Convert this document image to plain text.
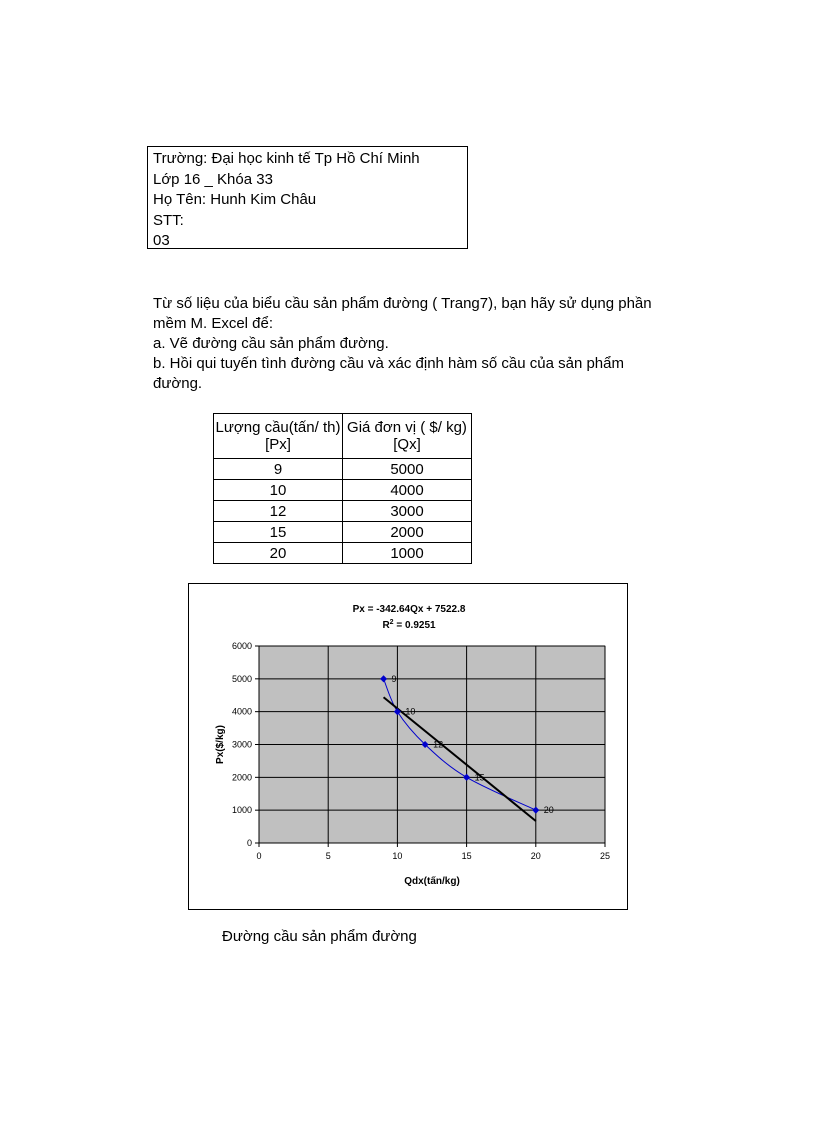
Trường: Đại học kinh tế Tp Hồ Chí Minh
Lớp 16 _ Khóa 33
Họ Tên: Hunh Kim Châu
STT:
03

Từ số liệu của biểu cầu sản phẩm đường ( Trang7), bạn hãy sử dụng phần mềm M. Excel để:

a. Vẽ đường cầu sản phẩm đường.

b. Hồi qui tuyến tình đường cầu và xác định hàm số cầu của sản phẩm đường.

Lượng cầu(tấn/ th) [Px]	Giá đơn vị ( $/ kg) [Qx]
9	5000
10	4000
12	3000
15	2000
20	1000
Px = -342.64Qx + 7522.8
$R^2 = 0.9251$
0
1000
2000
3000
4000
5000
6000
0	5	10	15	20	25
9
10
12
15
20
Qdx(tấn/kg)
Px($/kg)
Đường cầu sản phẩm đường
